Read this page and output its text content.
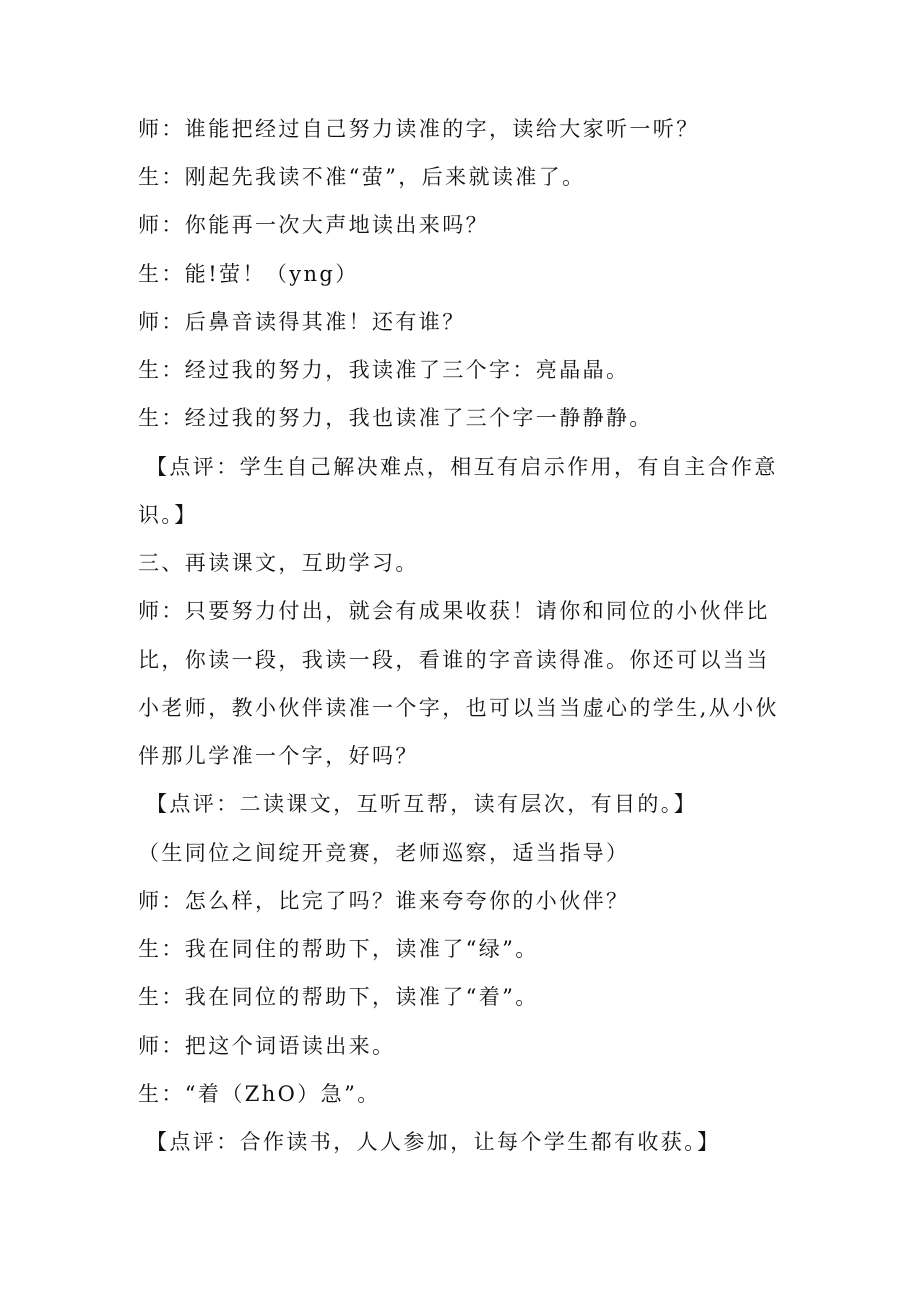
师：谁能把经过自己努力读准的字，读给大家听一听？
生：刚起先我读不准“萤”，后来就读准了。
师：你能再一次大声地读出来吗？
生：能!萤！（yng）
师：后鼻音读得其准！还有谁？
生：经过我的努力，我读准了三个字：亮晶晶。
生：经过我的努力，我也读准了三个字一静静静。
【点评：学生自己解决难点，相互有启示作用，有自主合作意
识。】
三、再读课文，互助学习。
师：只要努力付出，就会有成果收获！请你和同位的小伙伴比
比，你读一段，我读一段，看谁的字音读得准。你还可以当当
小老师，教小伙伴读准一个字，也可以当当虚心的学生,从小伙
伴那儿学准一个字，好吗？
【点评：二读课文，互听互帮，读有层次，有目的。】
（生同位之间绽开竞赛，老师巡察，适当指导）
师：怎么样，比完了吗？谁来夸夸你的小伙伴？
生：我在同住的帮助下，读准了“绿”。
生：我在同位的帮助下，读准了“着”。
师：把这个词语读出来。
生：“着（ZhO）急”。
【点评：合作读书，人人参加，让每个学生都有收获。】
